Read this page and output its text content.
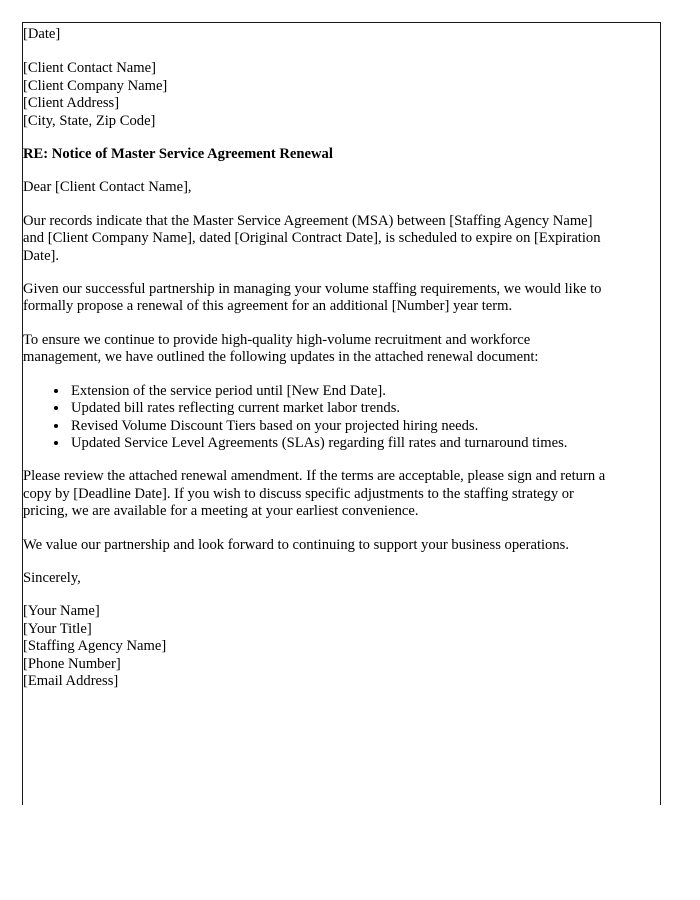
[Date]
[Client Contact Name]
[Client Company Name]
[Client Address]
[City, State, Zip Code]
RE: Notice of Master Service Agreement Renewal
Dear [Client Contact Name],

Our records indicate that the Master Service Agreement (MSA) between [Staffing Agency Name] and [Client Company Name], dated [Original Contract Date], is scheduled to expire on [Expiration Date].

Given our successful partnership in managing your volume staffing requirements, we would like to formally propose a renewal of this agreement for an additional [Number] year term.

To ensure we continue to provide high-quality high-volume recruitment and workforce management, we have outlined the following updates in the attached renewal document:

• Extension of the service period until [New End Date].
• Updated bill rates reflecting current market labor trends.
• Revised Volume Discount Tiers based on your projected hiring needs.
• Updated Service Level Agreements (SLAs) regarding fill rates and turnaround times.

Please review the attached renewal amendment. If the terms are acceptable, please sign and return a copy by [Deadline Date]. If you wish to discuss specific adjustments to the staffing strategy or pricing, we are available for a meeting at your earliest convenience.

We value our partnership and look forward to continuing to support your business operations.

Sincerely,
[Your Name]
[Your Title]
[Staffing Agency Name]
[Phone Number]
[Email Address]
